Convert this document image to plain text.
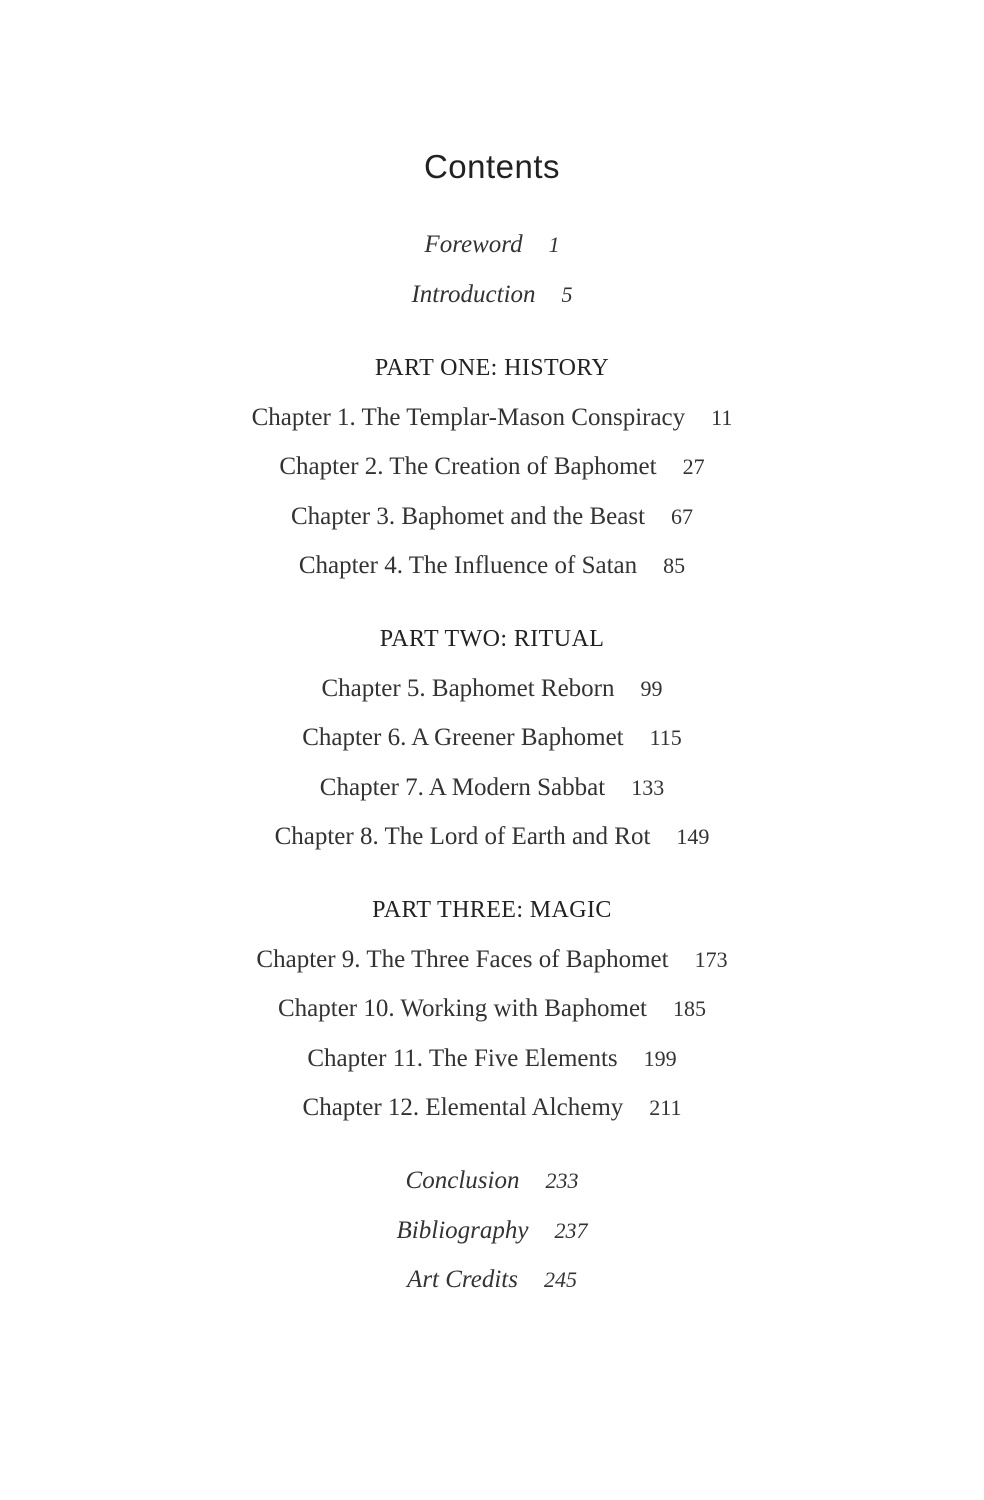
Contents
Foreword 1
Introduction 5
PART ONE: HISTORY
Chapter 1. The Templar-Mason Conspiracy 11
Chapter 2. The Creation of Baphomet 27
Chapter 3. Baphomet and the Beast 67
Chapter 4. The Influence of Satan 85
PART TWO: RITUAL
Chapter 5. Baphomet Reborn 99
Chapter 6. A Greener Baphomet 115
Chapter 7. A Modern Sabbat 133
Chapter 8. The Lord of Earth and Rot 149
PART THREE: MAGIC
Chapter 9. The Three Faces of Baphomet 173
Chapter 10. Working with Baphomet 185
Chapter 11. The Five Elements 199
Chapter 12. Elemental Alchemy 211
Conclusion 233
Bibliography 237
Art Credits 245
